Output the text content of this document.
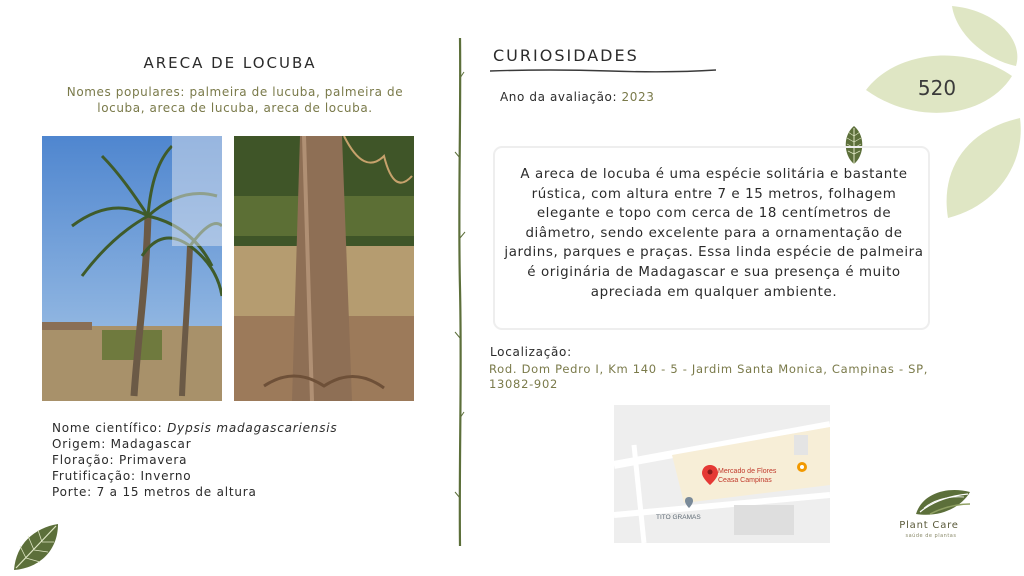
520
ARECA DE LOCUBA
Nomes populares: palmeira de lucuba, palmeira de locuba, areca de lucuba, areca de locuba.
Nome científico: Dypsis madagascariensis
Origem: Madagascar
Floração: Primavera
Frutificação: Inverno
Porte: 7 a 15 metros de altura
CURIOSIDADES
Ano da avaliação: 2023
A areca de locuba é uma espécie solitária e bastante rústica, com altura entre 7 e 15 metros, folhagem elegante e topo com cerca de 18 centímetros de diâmetro, sendo excelente para a ornamentação de jardins, parques e praças. Essa linda espécie de palmeira é originária de Madagascar e sua presença é muito apreciada em qualquer ambiente.
Localização:
Rod. Dom Pedro I, Km 140 - 5 - Jardim Santa Monica, Campinas - SP, 13082-902
Mercado de Flores
Ceasa Campinas
TITO GRAMAS
Plant Care
saúde de plantas
